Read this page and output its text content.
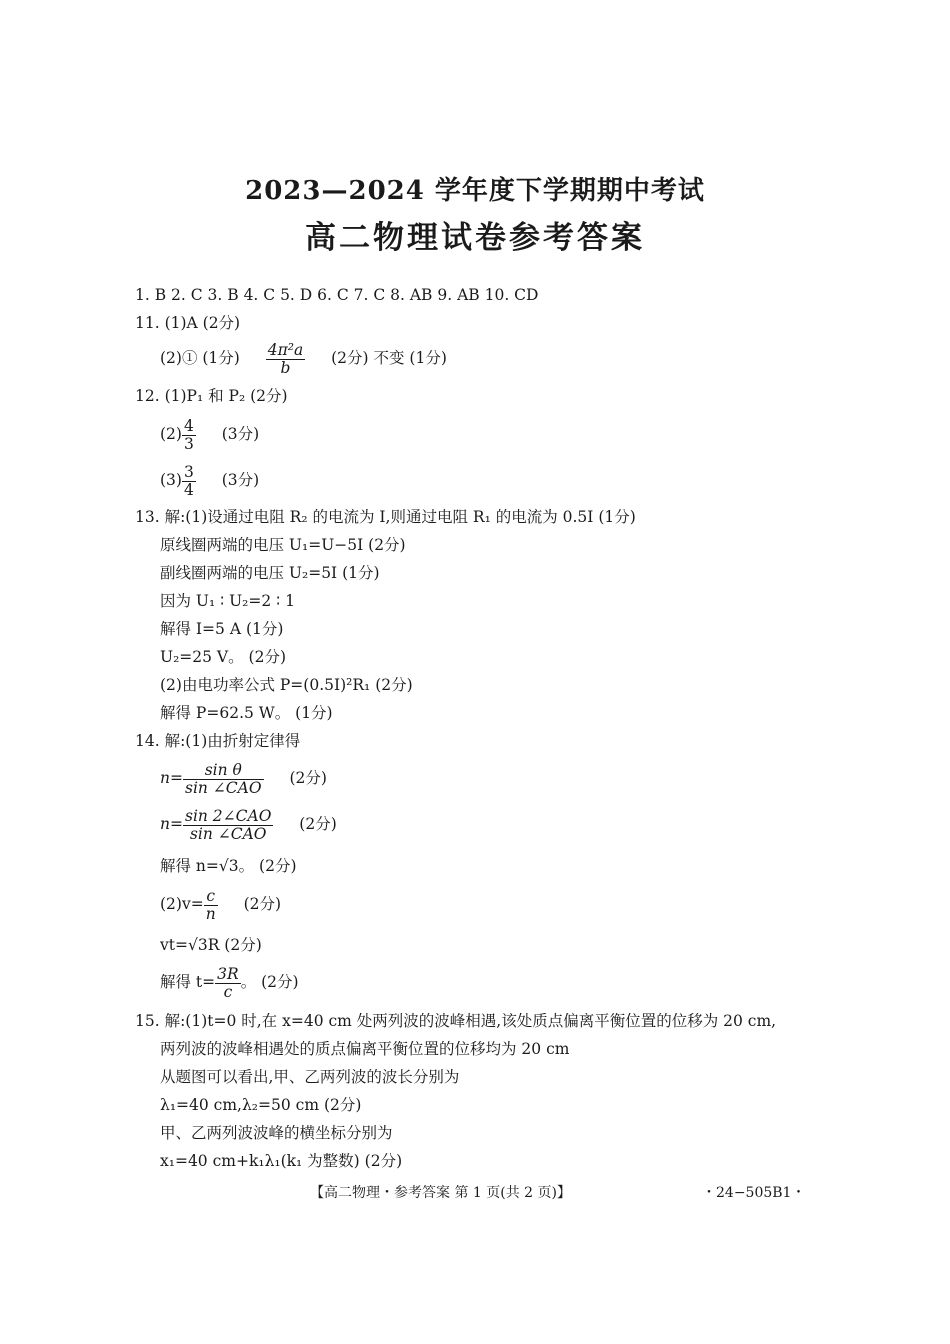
2023—2024 学年度下学期期中考试
高二物理试卷参考答案
1. B 2. C 3. B 4. C 5. D 6. C 7. C 8. AB 9. AB 10. CD
11. (1)A (2分)
(2)① (1分) $\frac{\text{4π²a}}{b} (2$分) 不变 (1分)
12. (1)P₁ 和 P₂ (2分)
$(2) \frac{4}{3} (3$分)
$(3) \frac{3}{4} (3$分)
13. 解:(1)设通过电阻 R₂ 的电流为 I,则通过电阻 R₁ 的电流为 0.5I (1分)
原线圈两端的电压 U₁=U−5I (2分)
副线圈两端的电压 U₂=5I (1分)
因为 U₁ ∶ U₂=2 ∶ 1
解得 I=5 A (1分)
U₂=25 V。 (2分)
(2)由电功率公式 P=(0.5I)²R₁ (2分)
解得 P=62.5 W。 (1分)
14. 解:(1)由折射定律得
$n= \frac{\text{sin θ}}{\text{sin ∠CAO}} (2$分)
$n= \frac{\text{sin 2∠CAO}}{\text{sin ∠CAO}} (2$分)
解得 n=√3。 (2分)
$(2)v= \frac{c}{n} (2$分)
vt=√3R (2分)
解得 $t= \frac{3R}{c}$ 。 (2分)
15. 解:(1)t=0 时,在 x=40 cm 处两列波的波峰相遇,该处质点偏离平衡位置的位移为 20 cm,
两列波的波峰相遇处的质点偏离平衡位置的位移均为 20 cm
从题图可以看出,甲、乙两列波的波长分别为
λ₁=40 cm,λ₂=50 cm (2分)
甲、乙两列波波峰的横坐标分别为
x₁=40 cm+k₁λ₁(k₁ 为整数) (2分)
【高二物理・参考答案 第 1 页(共 2 页)】	・24−505B1・
